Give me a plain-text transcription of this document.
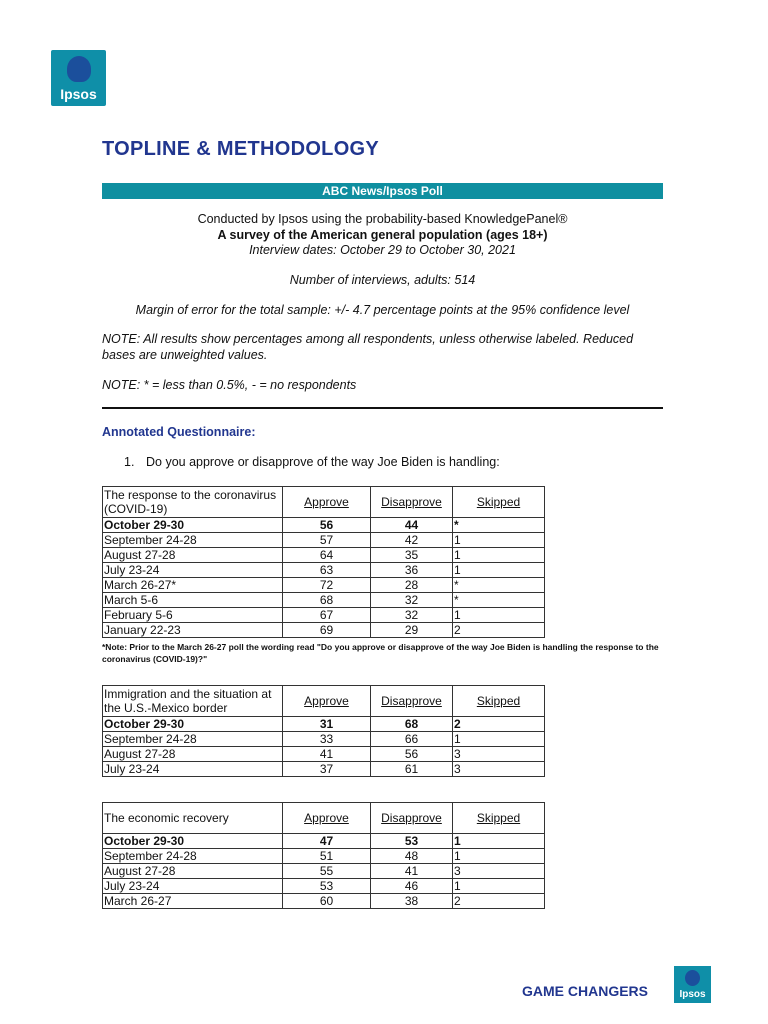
Ipsos
TOPLINE & METHODOLOGY
ABC News/Ipsos Poll
Conducted by Ipsos using the probability-based KnowledgePanel®
A survey of the American general population (ages 18+)
Interview dates: October 29 to October 30, 2021
Number of interviews, adults: 514
Margin of error for the total sample: +/- 4.7 percentage points at the 95% confidence level
NOTE: All results show percentages among all respondents, unless otherwise labeled. Reduced bases are unweighted values.
NOTE: * = less than 0.5%, - = no respondents
Annotated Questionnaire:
1. Do you approve or disapprove of the way Joe Biden is handling:
The response to the coronavirus (COVID-19)	Approve	Disapprove	Skipped
October 29-30	56	44	*
September 24-28	57	42	1
August 27-28	64	35	1
July 23-24	63	36	1
March 26-27*	72	28	*
March 5-6	68	32	*
February 5-6	67	32	1
January 22-23	69	29	2
*Note: Prior to the March 26-27 poll the wording read "Do you approve or disapprove of the way Joe Biden is handling the response to the coronavirus (COVID-19)?"
Immigration and the situation at the U.S.-Mexico border	Approve	Disapprove	Skipped
October 29-30	31	68	2
September 24-28	33	66	1
August 27-28	41	56	3
July 23-24	37	61	3
The economic recovery	Approve	Disapprove	Skipped
October 29-30	47	53	1
September 24-28	51	48	1
August 27-28	55	41	3
July 23-24	53	46	1
March 26-27	60	38	2
GAME CHANGERS	Ipsos
